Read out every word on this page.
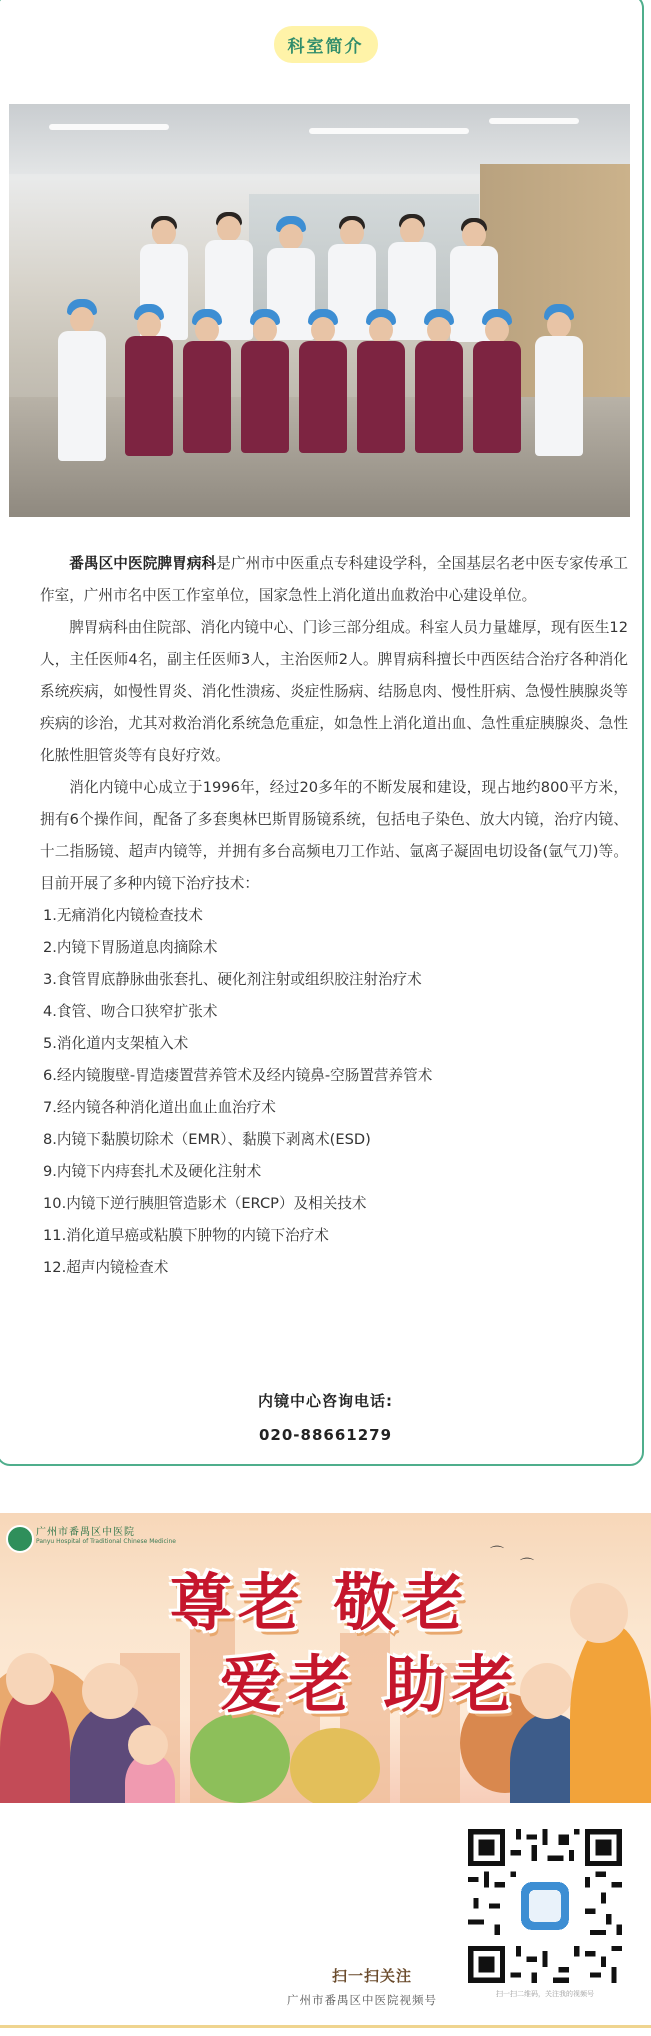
科室简介

番禺区中医院脾胃病科是广州市中医重点专科建设学科，全国基层名老中医专家传承工作室，广州市名中医工作室单位，国家急性上消化道出血救治中心建设单位。

脾胃病科由住院部、消化内镜中心、门诊三部分组成。科室人员力量雄厚，现有医生12人，主任医师4名，副主任医师3人，主治医师2人。脾胃病科擅长中西医结合治疗各种消化系统疾病，如慢性胃炎、消化性溃疡、炎症性肠病、结肠息肉、慢性肝病、急慢性胰腺炎等疾病的诊治，尤其对救治消化系统急危重症，如急性上消化道出血、急性重症胰腺炎、急性化脓性胆管炎等有良好疗效。

消化内镜中心成立于1996年，经过20多年的不断发展和建设，现占地约800平方米，拥有6个操作间，配备了多套奥林巴斯胃肠镜系统，包括电子染色、放大内镜，治疗内镜、十二指肠镜、超声内镜等，并拥有多台高频电刀工作站、氩离子凝固电切设备(氩气刀)等。目前开展了多种内镜下治疗技术：

1.无痛消化内镜检查技术
2.内镜下胃肠道息肉摘除术
3.食管胃底静脉曲张套扎、硬化剂注射或组织胶注射治疗术
4.食管、吻合口狭窄扩张术
5.消化道内支架植入术
6.经内镜腹壁-胃造瘘置营养管术及经内镜鼻-空肠置营养管术
7.经内镜各种消化道出血止血治疗术
8.内镜下黏膜切除术（EMR）、黏膜下剥离术(ESD)
9.内镜下内痔套扎术及硬化注射术
10.内镜下逆行胰胆管造影术（ERCP）及相关技术
11.消化道早癌或粘膜下肿物的内镜下治疗术
12.超声内镜检查术
内镜中心咨询电话:
020-88661279
广州市番禺区中医院
Panyu Hospital of Traditional Chinese Medicine
⌒
⌒
尊老 敬老
爱老 助老
扫一扫二维码，关注我的视频号
扫一扫关注
广州市番禺区中医院视频号
